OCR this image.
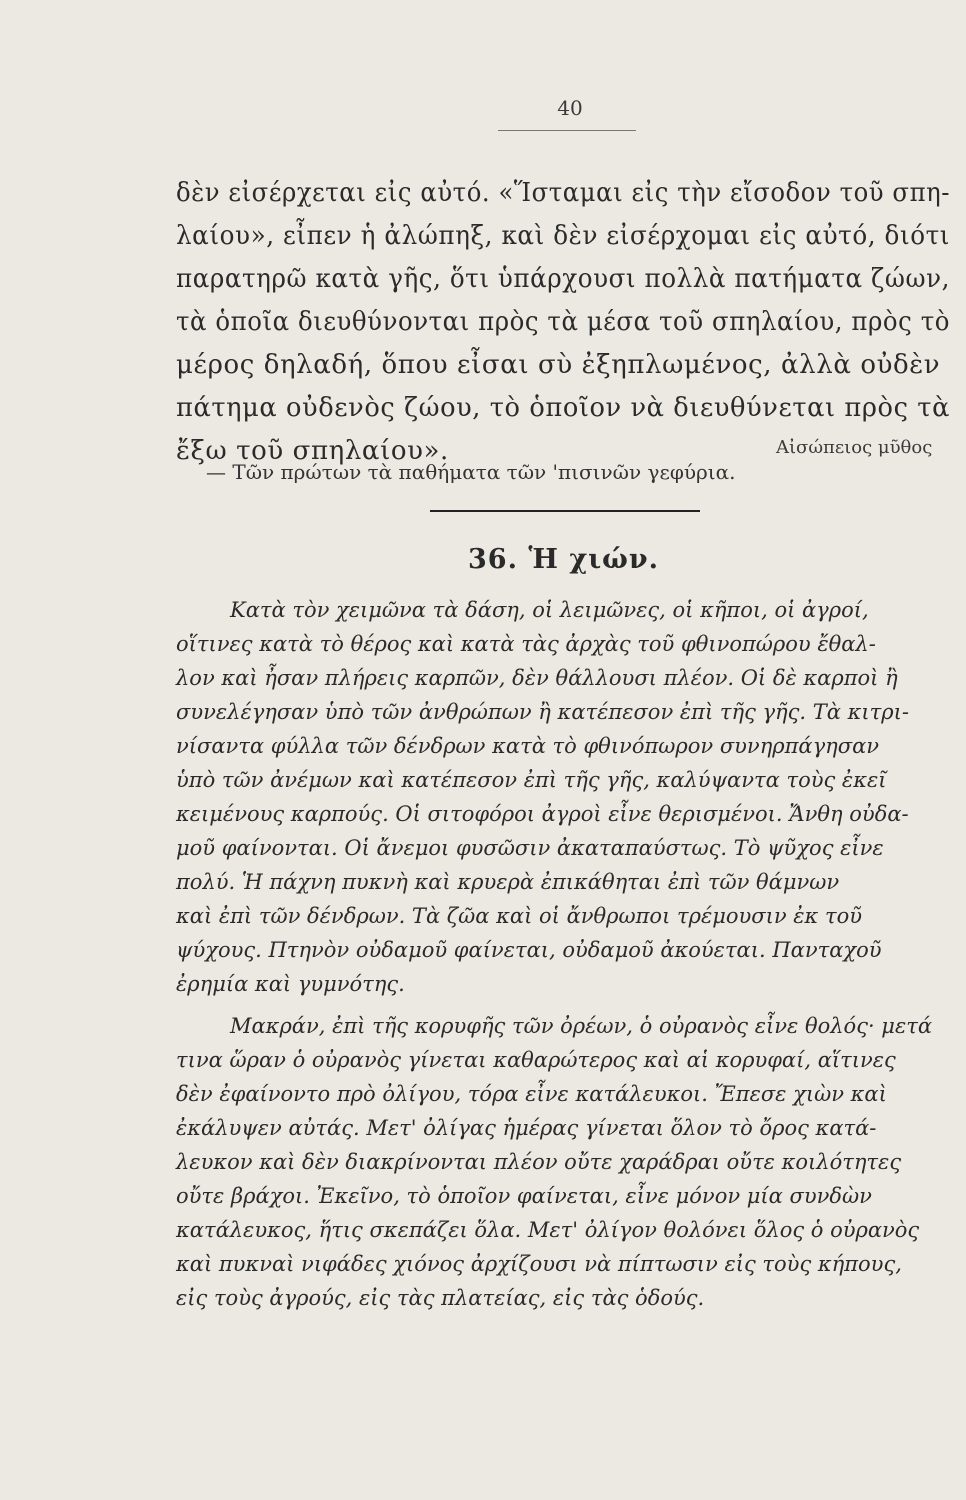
40
δὲν εἰσέρχεται εἰς αὐτό. «Ἵσταμαι εἰς τὴν εἴσοδον τοῦ σπη-
λαίου», εἶπεν ἡ ἀλώπηξ, καὶ δὲν εἰσέρχομαι εἰς αὐτό, διότι
παρατηρῶ κατὰ γῆς, ὅτι ὑπάρχουσι πολλὰ πατήματα ζώων,
τὰ ὁποῖα διευθύνονται πρὸς τὰ μέσα τοῦ σπηλαίου, πρὸς τὸ
μέρος δηλαδή, ὅπου εἶσαι σὺ ἐξηπλωμένος, ἀλλὰ οὐδὲν
πάτημα οὐδενὸς ζώου, τὸ ὁποῖον νὰ διευθύνεται πρὸς τὰ
ἔξω τοῦ σπηλαίου».	Αἰσώπειος μῦθος
— Τῶν πρώτων τὰ παθήματα τῶν 'πισινῶν γεφύρια.
36. Ἡ χιών.
Κατὰ τὸν χειμῶνα τὰ δάση, οἱ λειμῶνες, οἱ κῆποι, οἱ ἀγροί,
οἵτινες κατὰ τὸ θέρος καὶ κατὰ τὰς ἀρχὰς τοῦ φθινοπώρου ἔθαλ-
λον καὶ ἦσαν πλήρεις καρπῶν, δὲν θάλλουσι πλέον. Οἱ δὲ καρποὶ ἢ
συνελέγησαν ὑπὸ τῶν ἀνθρώπων ἢ κατέπεσον ἐπὶ τῆς γῆς. Τὰ κιτρι-
νίσαντα φύλλα τῶν δένδρων κατὰ τὸ φθινόπωρον συνηρπάγησαν
ὑπὸ τῶν ἀνέμων καὶ κατέπεσον ἐπὶ τῆς γῆς, καλύψαντα τοὺς ἐκεῖ
κειμένους καρπούς. Οἱ σιτοφόροι ἀγροὶ εἶνε θερισμένοι. Ἄνθη οὐδα-
μοῦ φαίνονται. Οἱ ἄνεμοι φυσῶσιν ἀκαταπαύστως. Τὸ ψῦχος εἶνε
πολύ. Ἡ πάχνη πυκνὴ καὶ κρυερὰ ἐπικάθηται ἐπὶ τῶν θάμνων
καὶ ἐπὶ τῶν δένδρων. Τὰ ζῶα καὶ οἱ ἄνθρωποι τρέμουσιν ἐκ τοῦ
ψύχους. Πτηνὸν οὐδαμοῦ φαίνεται, οὐδαμοῦ ἀκούεται. Πανταχοῦ
ἐρημία καὶ γυμνότης.
Μακράν, ἐπὶ τῆς κορυφῆς τῶν ὀρέων, ὁ οὐρανὸς εἶνε θολός· μετά
τινα ὥραν ὁ οὐρανὸς γίνεται καθαρώτερος καὶ αἱ κορυφαί, αἵτινες
δὲν ἐφαίνοντο πρὸ ὀλίγου, τόρα εἶνε κατάλευκοι. Ἔπεσε χιὼν καὶ
ἐκάλυψεν αὐτάς. Μετ' ὀλίγας ἡμέρας γίνεται ὅλον τὸ ὄρος κατά-
λευκον καὶ δὲν διακρίνονται πλέον οὔτε χαράδραι οὔτε κοιλότητες
οὔτε βράχοι. Ἐκεῖνο, τὸ ὁποῖον φαίνεται, εἶνε μόνον μία συνδὼν
κατάλευκος, ἥτις σκεπάζει ὅλα. Μετ' ὀλίγον θολόνει ὅλος ὁ οὐρανὸς
καὶ πυκναὶ νιφάδες χιόνος ἀρχίζουσι νὰ πίπτωσιν εἰς τοὺς κήπους,
εἰς τοὺς ἀγρούς, εἰς τὰς πλατείας, εἰς τὰς ὁδούς.
